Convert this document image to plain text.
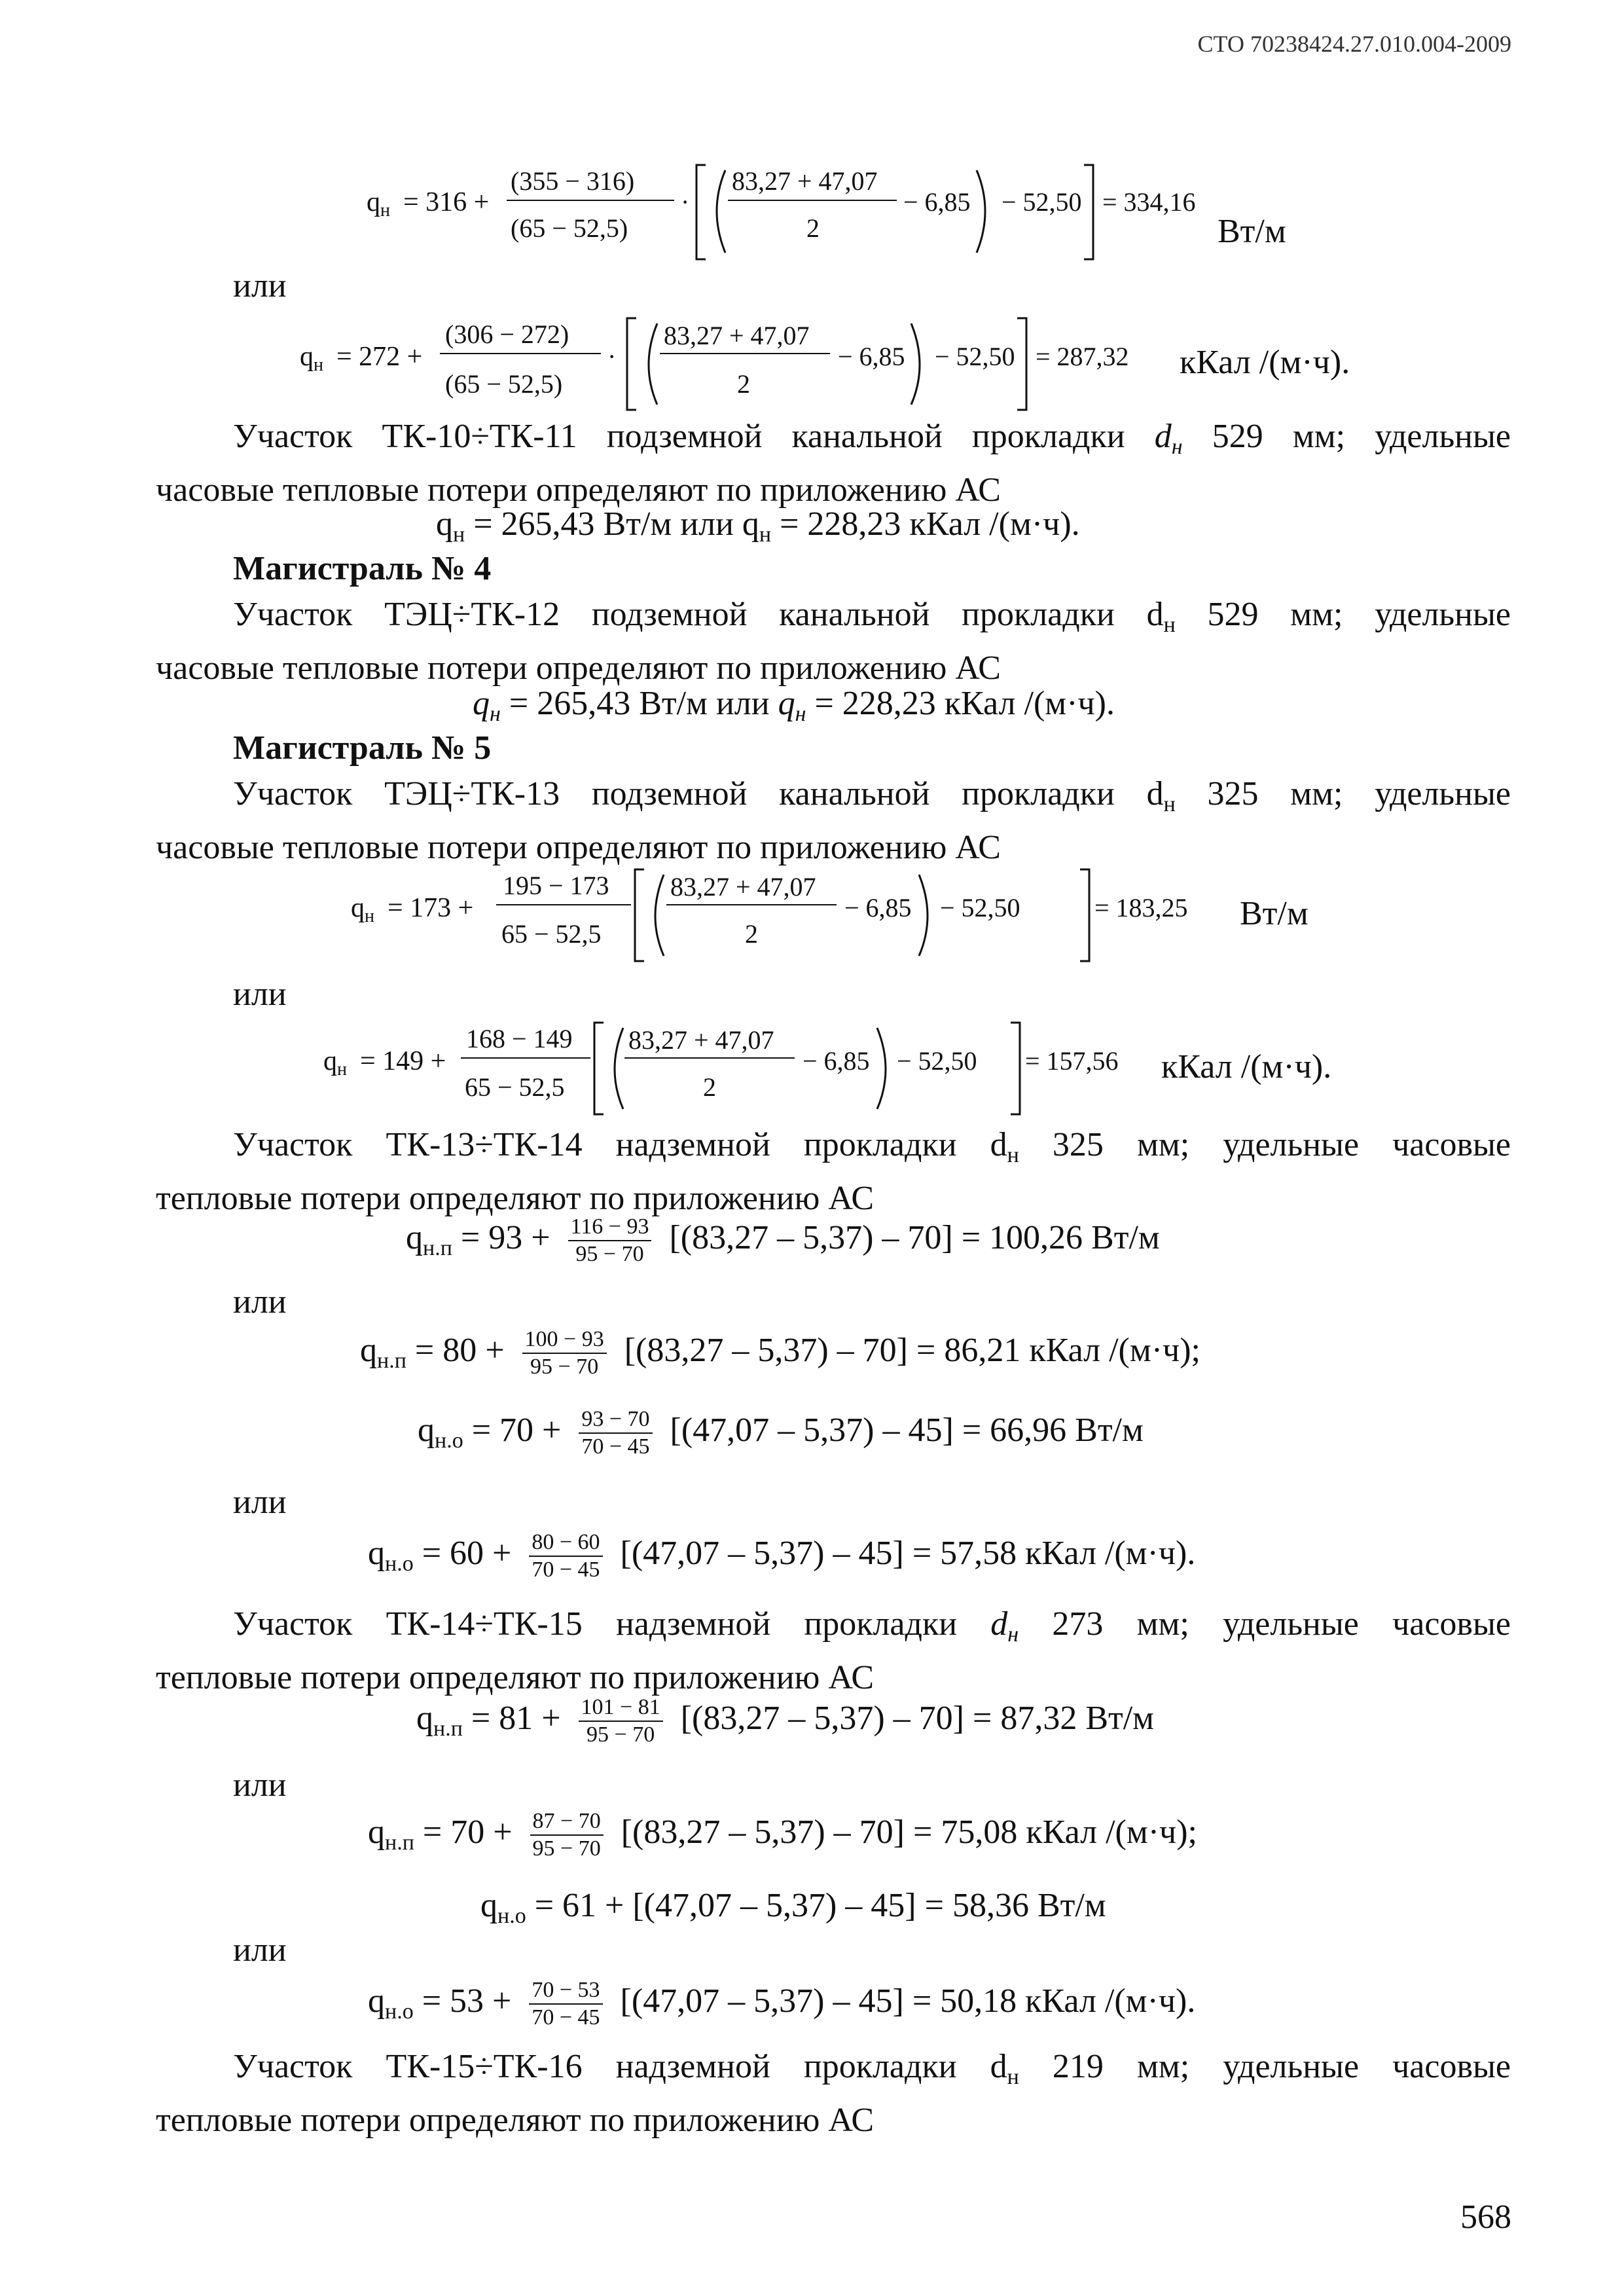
СТО 70238424.27.010.004-2009
qн = 316 +
(355 − 316)
(65 − 52,5)
·
83,27 + 47,07
2
− 6,85 − 52,50 = 334,16
Вт/м
или
qн = 272 +
(306 − 272)
(65 − 52,5)
·
83,27 + 47,07
2
− 6,85 − 52,50 = 287,32 кКал /(м·ч).
Участок ТК-10÷ТК-11 подземной канальной прокладки $d_н$ 529 мм; удельные
часовые тепловые потери определяют по приложению АС
$q_н = 265,43$ Вт/м или $q_н = 228,23$ кКал /(м·ч).
Магистраль № 4
Участок ТЭЦ÷ТК-12 подземной канальной прокладки $d_н$ 529 мм; удельные
часовые тепловые потери определяют по приложению АС
$q_н = 265,43$ Вт/м или $q_н = 228,23$ кКал /(м·ч).
Магистраль № 5
Участок ТЭЦ÷ТК-13 подземной канальной прокладки $d_н$ 325 мм; удельные
часовые тепловые потери определяют по приложению АС
qн = 173 +
195 − 173
65 − 52,5
83,27 + 47,07
2
− 6,85 − 52,50	= 183,25 Вт/м
или
qн = 149 +
168 − 149
65 − 52,5
83,27 + 47,07
2
− 6,85 − 52,50 = 157,56 кКал /(м·ч).
Участок ТК-13÷ТК-14 надземной прокладки $d_н$ 325 мм; удельные часовые
тепловые потери определяют по приложению АС
$q_{н.п} = 93 + \frac{116 - 93}{95 - 70} [(83,27 - 5,37) - 70] = 100,26$ Вт/м
или
$q_{н.п} = 80 + \frac{100 - 93}{95 - 70} [(83,27 - 5,37) - 70] = 86,21$ кКал /(м·ч);
$q_{н.о} = 70 + \frac{93 - 70}{70 - 45} [(47,07 - 5,37) - 45] = 66,96$ Вт/м
или
$q_{н.о} = 60 + \frac{80 - 60}{70 - 45} [(47,07 - 5,37) - 45] = 57,58$ кКал /(м·ч).
Участок ТК-14÷ТК-15 надземной прокладки $d_н$ 273 мм; удельные часовые
тепловые потери определяют по приложению АС
$q_{н.п} = 81 + \frac{101 - 81}{95 - 70} [(83,27 - 5,37) - 70] = 87,32$ Вт/м
или
$q_{н.п} = 70 + \frac{87 - 70}{95 - 70} [(83,27 - 5,37) - 70] = 75,08$ кКал /(м·ч);
$q_{н.о} = 61 + [(47,07 - 5,37) - 45] = 58,36$ Вт/м
или
$q_{н.о} = 53 + \frac{70 - 53}{70 - 45} [(47,07 - 5,37) - 45] = 50,18$ кКал /(м·ч).
Участок ТК-15÷ТК-16 надземной прокладки $d_н$ 219 мм; удельные часовые
тепловые потери определяют по приложению АС
568
